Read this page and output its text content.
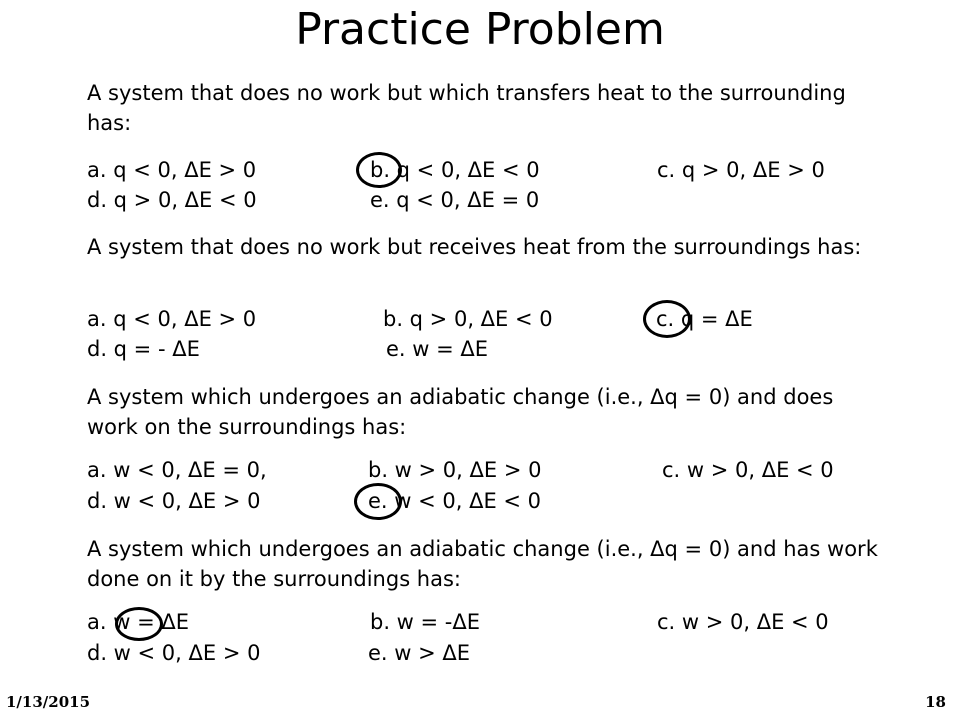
Practice Problem
A system that does no work but which transfers heat to the surrounding has:
a. q < 0, ΔE > 0	b. q < 0, ΔE < 0	c. q > 0, ΔE > 0
d. q > 0, ΔE < 0	e. q < 0, ΔE = 0
A system that does no work but receives heat from the surroundings has:
a. q < 0, ΔE > 0	b. q > 0, ΔE < 0	c. q = ΔE
d. q = - ΔE	e. w = ΔE
A system which undergoes an adiabatic change (i.e., Δq = 0) and does work on the surroundings has:
a. w < 0, ΔE = 0,	b. w > 0, ΔE > 0	c. w > 0, ΔE < 0
d. w < 0, ΔE > 0	e. w < 0, ΔE < 0
A system which undergoes an adiabatic change (i.e., Δq = 0) and has work done on it by the surroundings has:
a. w = ΔE	b. w = -ΔE	c. w > 0, ΔE < 0
d. w < 0, ΔE > 0	e. w > ΔE
1/13/2015	18
